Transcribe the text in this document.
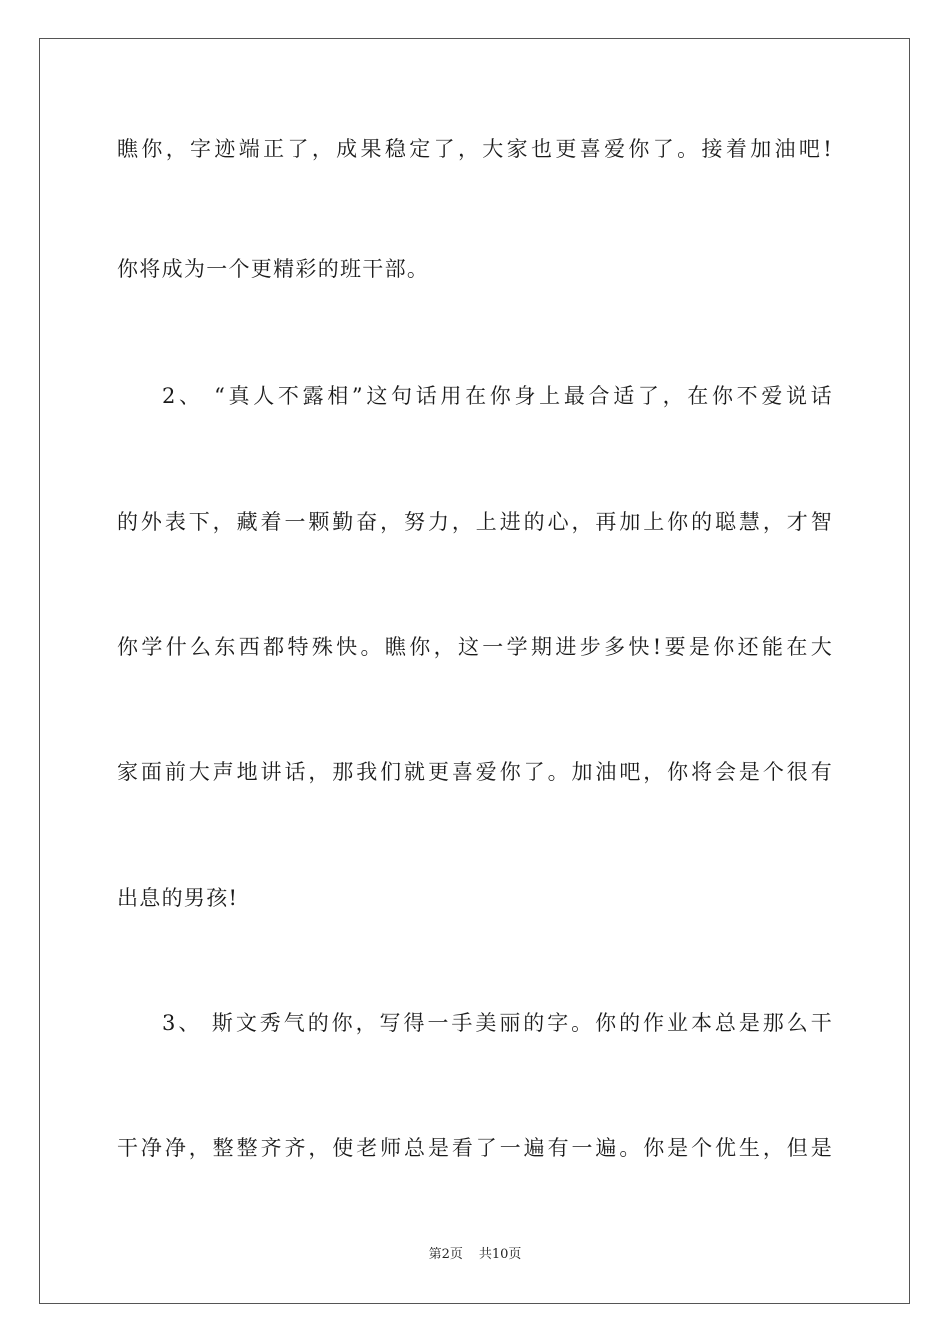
瞧你，字迹端正了，成果稳定了，大家也更喜爱你了。接着加油吧!
你将成为一个更精彩的班干部。
2、 “真人不露相”这句话用在你身上最合适了，在你不爱说话
的外表下，藏着一颗勤奋，努力，上进的心，再加上你的聪慧，才智
你学什么东西都特殊快。瞧你，这一学期进步多快!要是你还能在大
家面前大声地讲话，那我们就更喜爱你了。加油吧，你将会是个很有
出息的男孩!
3、 斯文秀气的你，写得一手美丽的字。你的作业本总是那么干
干净净，整整齐齐，使老师总是看了一遍有一遍。你是个优生，但是
第2页 共10页
